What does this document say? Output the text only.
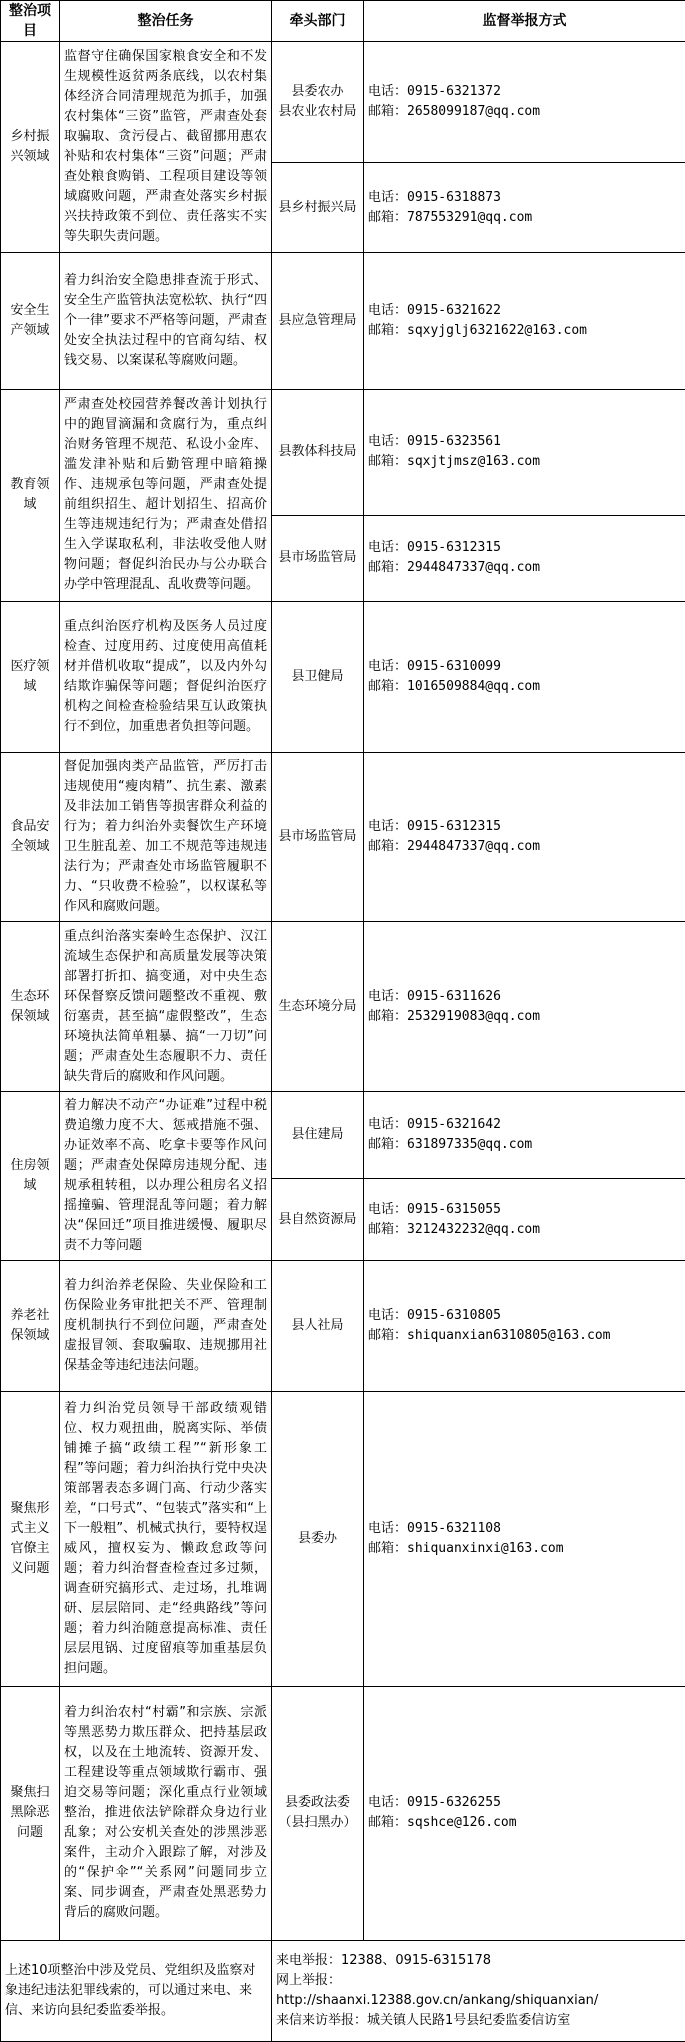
整治项目	整治任务	牵头部门	监督举报方式
乡村振兴领域	监督守住确保国家粮食安全和不发生规模性返贫两条底线，以农村集体经济合同清理规范为抓手，加强农村集体“三资”监管，严肃查处套取骗取、贪污侵占、截留挪用惠农补贴和农村集体“三资”问题；严肃查处粮食购销、工程项目建设等领域腐败问题，严肃查处落实乡村振兴扶持政策不到位、责任落实不实等失职失责问题。	县委农办
县农业农村局	电话：0915-6321372
邮箱：2658099187@qq.com

		县乡村振兴局	电话：0915-6318873
邮箱：787553291@qq.com

安全生产领域	着力纠治安全隐患排查流于形式、安全生产监管执法宽松软、执行“四个一律”要求不严格等问题，严肃查处安全执法过程中的官商勾结、权钱交易、以案谋私等腐败问题。	县应急管理局	电话：0915-6321622
邮箱：sqxyjglj6321622@163.com

教育领域	严肃查处校园营养餐改善计划执行中的跑冒滴漏和贪腐行为，重点纠治财务管理不规范、私设小金库、滥发津补贴和后勤管理中暗箱操作、违规承包等问题，严肃查处提前组织招生、超计划招生、招高价生等违规违纪行为；严肃查处借招生入学谋取私利，非法收受他人财物问题；督促纠治民办与公办联合办学中管理混乱、乱收费等问题。	县教体科技局	电话：0915-6323561
邮箱：sqxjtjmsz@163.com

		县市场监管局	电话：0915-6312315
邮箱：2944847337@qq.com

医疗领域	重点纠治医疗机构及医务人员过度检查、过度用药、过度使用高值耗材并借机收取“提成”，以及内外勾结欺诈骗保等问题；督促纠治医疗机构之间检查检验结果互认政策执行不到位，加重患者负担等问题。	县卫健局	电话：0915-6310099
邮箱：1016509884@qq.com

食品安全领域	督促加强肉类产品监管，严厉打击违规使用“瘦肉精”、抗生素、激素及非法加工销售等损害群众利益的行为；着力纠治外卖餐饮生产环境卫生脏乱差、加工不规范等违规违法行为；严肃查处市场监管履职不力、“只收费不检验”，以权谋私等作风和腐败问题。	县市场监管局	电话：0915-6312315
邮箱：2944847337@qq.com

生态环保领域	重点纠治落实秦岭生态保护、汉江流域生态保护和高质量发展等决策部署打折扣、搞变通，对中央生态环保督察反馈问题整改不重视、敷衍塞责，甚至搞“虚假整改”，生态环境执法简单粗暴、搞“一刀切”问题；严肃查处生态履职不力、责任缺失背后的腐败和作风问题。	生态环境分局	电话：0915-6311626
邮箱：2532919083@qq.com

住房领域	着力解决不动产“办证难”过程中税费追缴力度不大、惩戒措施不强、办证效率不高、吃拿卡要等作风问题；严肃查处保障房违规分配、违规承租转租，以办理公租房名义招摇撞骗、管理混乱等问题；着力解决“保回迁”项目推进缓慢、履职尽责不力等问题	县住建局	电话：0915-6321642
邮箱：631897335@qq.com

		县自然资源局	电话：0915-6315055
邮箱：3212432232@qq.com

养老社保领域	着力纠治养老保险、失业保险和工伤保险业务审批把关不严、管理制度机制执行不到位问题，严肃查处虚报冒领、套取骗取、违规挪用社保基金等违纪违法问题。	县人社局	电话：0915-6310805
邮箱：shiquanxian6310805@163.com

聚焦形式主义官僚主义问题	着力纠治党员领导干部政绩观错位、权力观扭曲，脱离实际、举债铺摊子搞“政绩工程”“新形象工程”等问题；着力纠治执行党中央决策部署表态多调门高、行动少落实差，“口号式”、“包装式”落实和“上下一般粗”、机械式执行，要特权逞威风，擅权妄为、懒政怠政等问题；着力纠治督查检查过多过频，调查研究搞形式、走过场，扎堆调研、层层陪同、走“经典路线”等问题；着力纠治随意提高标准、责任层层甩锅、过度留痕等加重基层负担问题。	县委办	电话：0915-6321108
邮箱：shiquanxinxi@163.com

聚焦扫黑除恶问题	着力纠治农村“村霸”和宗族、宗派等黑恶势力欺压群众、把持基层政权，以及在土地流转、资源开发、工程建设等重点领域欺行霸市、强迫交易等问题；深化重点行业领域整治，推进依法铲除群众身边行业乱象；对公安机关查处的涉黑涉恶案件，主动介入跟踪了解，对涉及的“保护伞”“关系网”问题同步立案、同步调查，严肃查处黑恶势力背后的腐败问题。	县委政法委
（县扫黑办）	电话：0915-6326255
邮箱：sqshce@126.com

上述10项整治中涉及党员、党组织及监察对象违纪违法犯罪线索的，可以通过来电、来信、来访向县纪委监委举报。		来电举报：12388、0915-6315178
网上举报：
http://shaanxi.12388.gov.cn/ankang/shiquanxian/
来信来访举报：城关镇人民路1号县纪委监委信访室	
